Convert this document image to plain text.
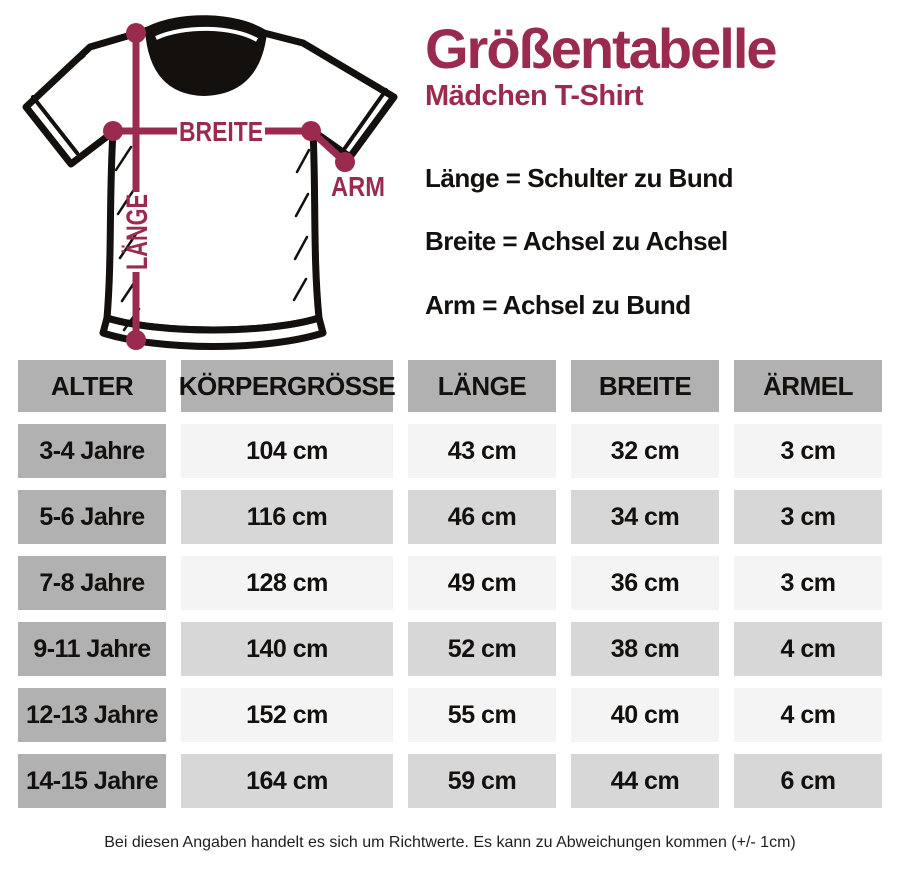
BREITE
LÄNGE	ARM
Größentabelle
Mädchen T-Shirt

Länge = Schulter zu Bund

Breite = Achsel zu Achsel

Arm = Achsel zu Bund

ALTER	KÖRPERGRÖSSE	LÄNGE	BREITE	ÄRMEL
3-4 Jahre	104 cm	43 cm	32 cm	3 cm
5-6 Jahre	116 cm	46 cm	34 cm	3 cm
7-8 Jahre	128 cm	49 cm	36 cm	3 cm
9-11 Jahre	140 cm	52 cm	38 cm	4 cm
12-13 Jahre	152 cm	55 cm	40 cm	4 cm
14-15 Jahre	164 cm	59 cm	44 cm	6 cm

Bei diesen Angaben handelt es sich um Richtwerte. Es kann zu Abweichungen kommen (+/- 1cm)
